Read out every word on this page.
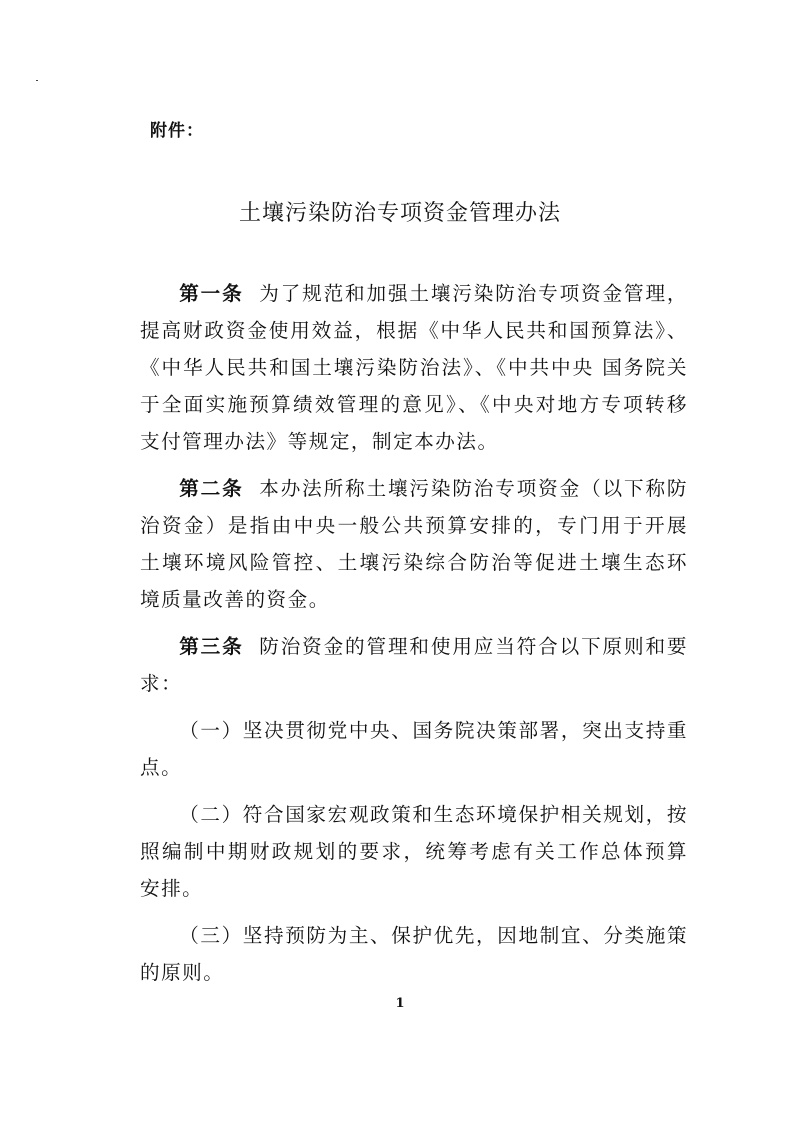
附件：
土壤污染防治专项资金管理办法

第一条 为了规范和加强土壤污染防治专项资金管理，提高财政资金使用效益，根据《中华人民共和国预算法》、《中华人民共和国土壤污染防治法》、《中共中央 国务院关于全面实施预算绩效管理的意见》、《中央对地方专项转移支付管理办法》等规定，制定本办法。

第二条 本办法所称土壤污染防治专项资金（以下称防治资金）是指由中央一般公共预算安排的，专门用于开展土壤环境风险管控、土壤污染综合防治等促进土壤生态环境质量改善的资金。

第三条 防治资金的管理和使用应当符合以下原则和要求：

（一）坚决贯彻党中央、国务院决策部署，突出支持重点。

（二）符合国家宏观政策和生态环境保护相关规划，按照编制中期财政规划的要求，统筹考虑有关工作总体预算安排。

（三）坚持预防为主、保护优先，因地制宜、分类施策的原则。

1
